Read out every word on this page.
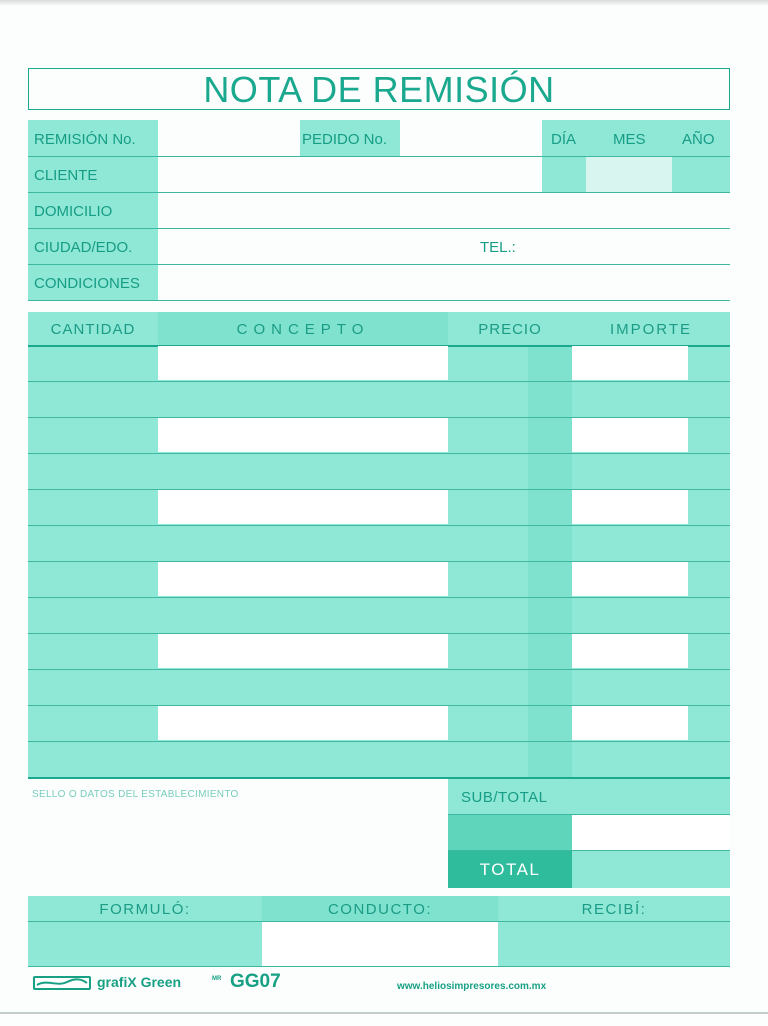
NOTA DE REMISIÓN
REMISIÓN No.	PEDIDO No.	DÍA MES AÑO
CLIENTE
DOMICILIO
CIUDAD/EDO.	TEL.:
CONDICIONES
CANTIDAD	CONCEPTO	PRECIO	IMPORTE
SELLO O DATOS DEL ESTABLECIMIENTO	SUB/TOTAL
TOTAL
FORMULÓ:	CONDUCTO:	RECIBÍ:
grafiX Green	MR GG07	www.heliosimpresores.com.mx
